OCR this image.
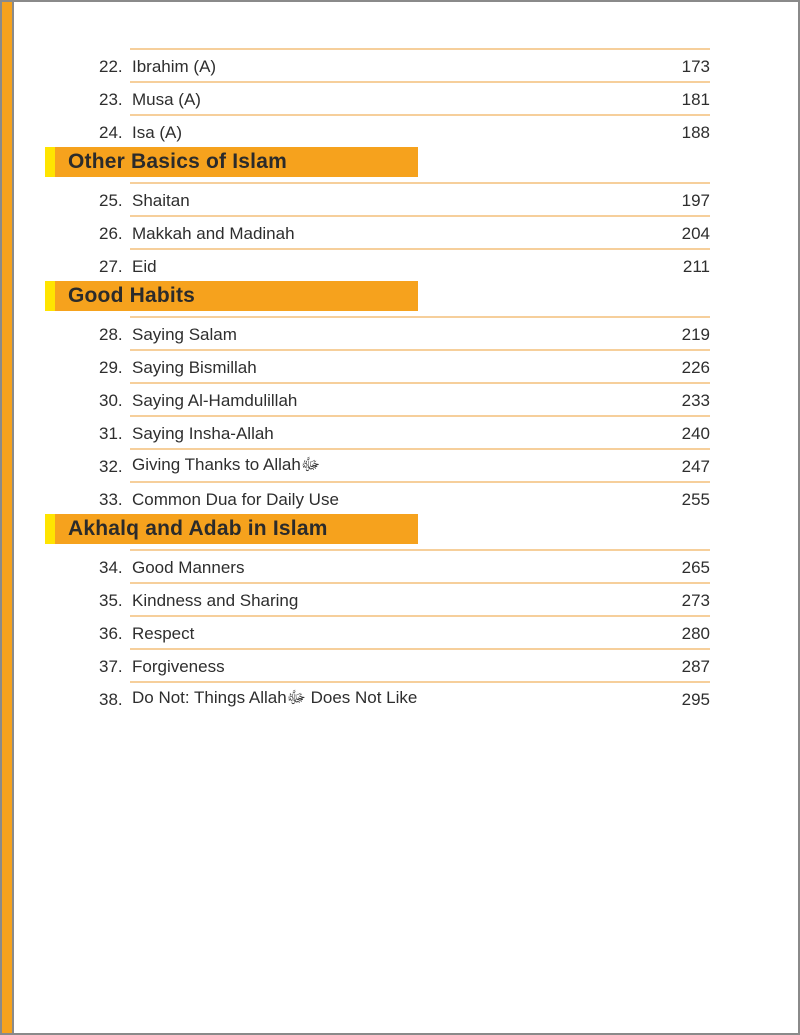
22. Ibrahim (A)	173
23. Musa (A)	181
24. Isa (A)	188
Other Basics of Islam
25. Shaitan	197
26. Makkah and Madinah	204
27. Eid	211
Good Habits
28. Saying Salam	219
29. Saying Bismillah	226
30. Saying Al-Hamdulillah	233
31. Saying Insha-Allah	240
32. Giving Thanks to Allahﷻ	247
33. Common Dua for Daily Use	255
Akhalq and Adab in Islam
34. Good Manners	265
35. Kindness and Sharing	273
36. Respect	280
37. Forgiveness	287
38. Do Not: Things Allahﷻ Does Not Like	295
